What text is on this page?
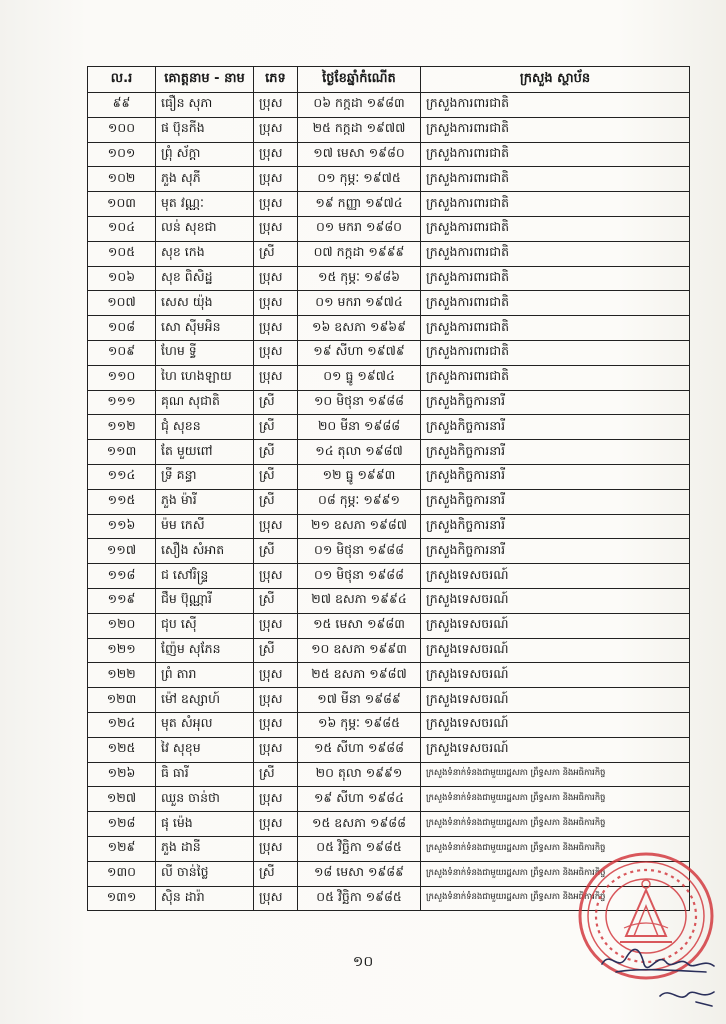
ល.រ	គោត្តនាម - នាម	ភេទ	ថ្ងៃខែឆ្នាំកំណើត	ក្រសួង ស្ថាប័ន
៩៩	ធឿន សុភា	ប្រុស	០៦ កក្កដា ១៩៨៣	ក្រសួងការពារជាតិ
១០០	ផ ប៊ុនកីង	ប្រុស	២៥ កក្កដា ១៩៧៧	ក្រសួងការពារជាតិ
១០១	ព្រុំ ស័ក្តា	ប្រុស	១៧ មេសា ១៩៨០	ក្រសួងការពារជាតិ
១០២	ភួង សុភី	ប្រុស	០១ កុម្ភៈ ១៩៧៥	ក្រសួងការពារជាតិ
១០៣	មុត វណ្ណៈ	ប្រុស	១៩ កញ្ញា ១៩៧៤	ក្រសួងការពារជាតិ
១០៤	លន់ សុខជា	ប្រុស	០១ មករា ១៩៨០	ក្រសួងការពារជាតិ
១០៥	សុខ កេង	ស្រី	០៧ កក្កដា ១៩៩៩	ក្រសួងការពារជាតិ
១០៦	សុខ ពិសិដ្ឋ	ប្រុស	១៥ កុម្ភៈ ១៩៨៦	ក្រសួងការពារជាតិ
១០៧	សេស យ៉ុង	ប្រុស	០១ មករា ១៩៧៤	ក្រសួងការពារជាតិ
១០៨	សោ ស៊ីមអិន	ប្រុស	១៦ ឧសភា ១៩៦៩	ក្រសួងការពារជាតិ
១០៩	ហែម ទ្វី	ប្រុស	១៩ សីហា ១៩៧៩	ក្រសួងការពារជាតិ
១១០	ហៃ ហេងឡាយ	ប្រុស	០១ ធ្នូ ១៩៧៤	ក្រសួងការពារជាតិ
១១១	គុណ សុជាតិ	ស្រី	១០ មិថុនា ១៩៨៨	ក្រសួងកិច្ចការនារី
១១២	ជុំ សុខន	ស្រី	២០ មីនា ១៩៨៨	ក្រសួងកិច្ចការនារី
១១៣	តែ មួយពៅ	ស្រី	១៤ តុលា ១៩៨៧	ក្រសួងកិច្ចការនារី
១១៤	ទ្រី គន្ធា	ស្រី	១២ ធ្នូ ១៩៩៣	ក្រសួងកិច្ចការនារី
១១៥	ភួង ម៉ារី	ស្រី	០៨ កុម្ភៈ ១៩៩១	ក្រសួងកិច្ចការនារី
១១៦	ម៉ម កេសី	ប្រុស	២១ ឧសភា ១៩៨៧	ក្រសួងកិច្ចការនារី
១១៧	សឿង សំអាត	ស្រី	០១ មិថុនា ១៩៨៨	ក្រសួងកិច្ចការនារី
១១៨	ជ សៅរិន្ទ្រ	ប្រុស	០១ មិថុនា ១៩៨៨	ក្រសួងទេសចរណ៍
១១៩	ជឹម ប៊ុណ្ណារី	ស្រី	២៧ ឧសភា ១៩៩៤	ក្រសួងទេសចរណ៍
១២០	ជុប ស៊ើ	ប្រុស	១៥ មេសា ១៩៨៣	ក្រសួងទេសចរណ៍
១២១	ញ៉ែម សុភែន	ស្រី	១០ ឧសភា ១៩៩៣	ក្រសួងទេសចរណ៍
១២២	ព្រំ តារា	ប្រុស	២៥ ឧសភា ១៩៨៧	ក្រសួងទេសចរណ៍
១២៣	ម៉ៅ ឧស្សាហ៍	ប្រុស	១៧ មីនា ១៩៨៩	ក្រសួងទេសចរណ៍
១២៤	មុត សំអុល	ប្រុស	១៦ កុម្ភៈ ១៩៨៥	ក្រសួងទេសចរណ៍
១២៥	វៃ សុខុម	ប្រុស	១៥ សីហា ១៩៨៨	ក្រសួងទេសចរណ៍
១២៦	ធិ ធារី	ស្រី	២០ តុលា ១៩៩១	ក្រសួងទំនាក់ទំនងជាមួយរដ្ឋសភា ព្រឹទ្ធសភា និងអធិការកិច្ច
១២៧	ឈួន ចាន់ថា	ប្រុស	១៩ សីហា ១៩៨៤	ក្រសួងទំនាក់ទំនងជាមួយរដ្ឋសភា ព្រឹទ្ធសភា និងអធិការកិច្ច
១២៨	ផុ ម៉េង	ប្រុស	១៥ ឧសភា ១៩៨៨	ក្រសួងទំនាក់ទំនងជាមួយរដ្ឋសភា ព្រឹទ្ធសភា និងអធិការកិច្ច
១២៩	ភួង ដានី	ប្រុស	០៥ វិច្ឆិកា ១៩៨៥	ក្រសួងទំនាក់ទំនងជាមួយរដ្ឋសភា ព្រឹទ្ធសភា និងអធិការកិច្ច
១៣០	លី ចាន់ថ្លៃ	ស្រី	១៨ មេសា ១៩៨៩	ក្រសួងទំនាក់ទំនងជាមួយរដ្ឋសភា ព្រឹទ្ធសភា និងអធិការកិច្ច
១៣១	ស៊ិន ដារ៉ា	ប្រុស	០៥ វិច្ឆិកា ១៩៨៥	ក្រសួងទំនាក់ទំនងជាមួយរដ្ឋសភា ព្រឹទ្ធសភា និងអធិការកិច្ច
១០
